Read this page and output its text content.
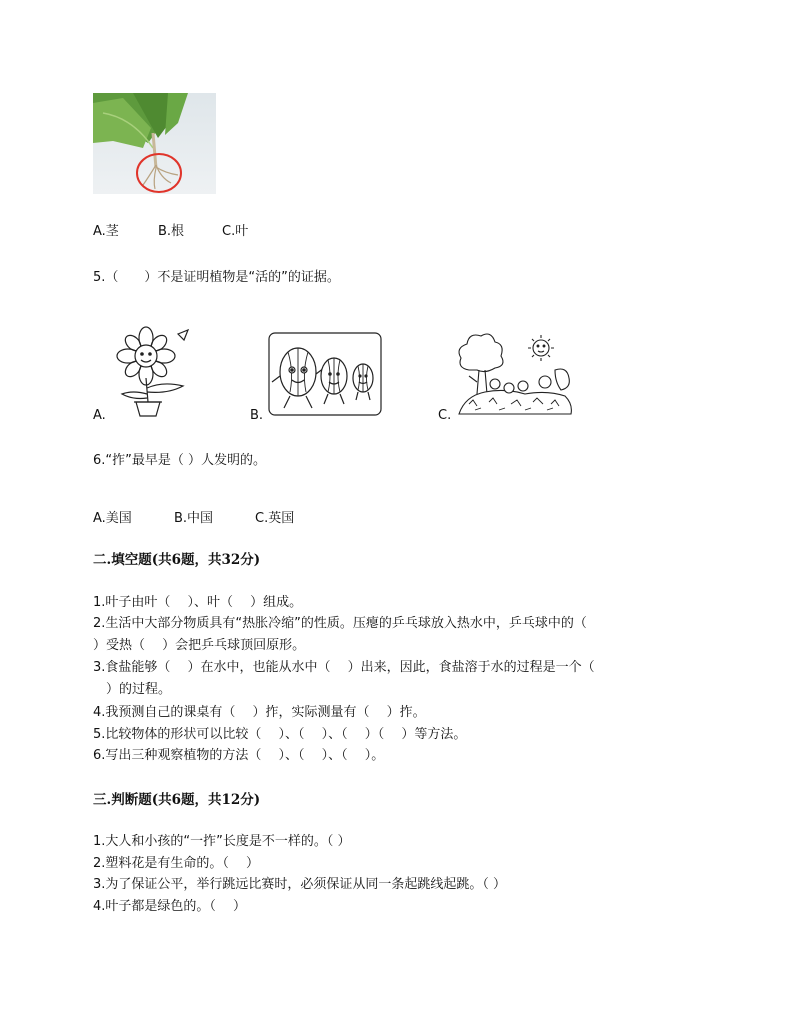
A.茎	B.根	C.叶
5.（　　）不是证明植物是“活的”的证据。
A.	B.	C.
6.“拃”最早是（ ）人发明的。
A.美国	B.中国	C.英国
二.填空题(共6题，共32分)
1.叶子由叶（　 ）、叶（　 ）组成。
2.生活中大部分物质具有“热胀冷缩”的性质。压瘪的乒乓球放入热水中，乒乓球中的（
）受热（　 ）会把乒乓球顶回原形。
3.食盐能够（　 ）在水中，也能从水中（　 ）出来，因此，食盐溶于水的过程是一个（
　）的过程。
4.我预测自己的课桌有（　 ）拃，实际测量有（　 ）拃。
5.比较物体的形状可以比较（　 ）、（　 ）、（　 ）（　 ）等方法。
6.写出三种观察植物的方法（　 ）、（　 ）、（　 ）。
三.判断题(共6题，共12分)
1.大人和小孩的“一拃”长度是不一样的。（ ）
2.塑料花是有生命的。（　 ）
3.为了保证公平，举行跳远比赛时，必须保证从同一条起跳线起跳。（ ）
4.叶子都是绿色的。（　 ）
